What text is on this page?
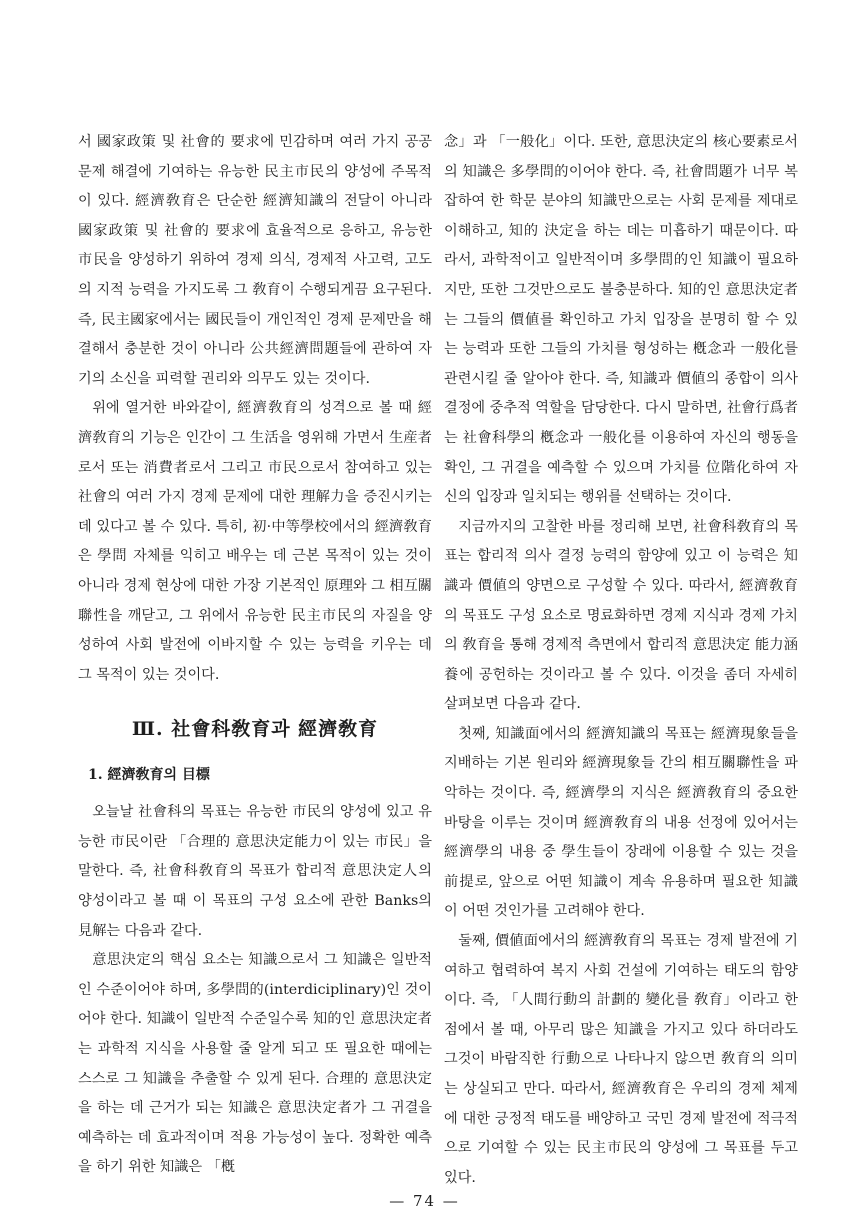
서 國家政策 및 社會的 要求에 민감하며 여러 가지 공공 문제 해결에 기여하는 유능한 民主市民의 양성에 주목적이 있다. 經濟敎育은 단순한 經濟知識의 전달이 아니라 國家政策 및 社會的 要求에 효율적으로 응하고, 유능한 市民을 양성하기 위하여 경제 의식, 경제적 사고력, 고도의 지적 능력을 가지도록 그 敎育이 수행되게끔 요구된다. 즉, 民主國家에서는 國民들이 개인적인 경제 문제만을 해결해서 충분한 것이 아니라 公共經濟問題들에 관하여 자기의 소신을 피력할 권리와 의무도 있는 것이다.

위에 열거한 바와같이, 經濟敎育의 성격으로 볼 때 經濟敎育의 기능은 인간이 그 生活을 영위해 가면서 生産者로서 또는 消費者로서 그리고 市民으로서 참여하고 있는 社會의 여러 가지 경제 문제에 대한 理解力을 증진시키는 데 있다고 볼 수 있다. 특히, 初·中等學校에서의 經濟敎育은 學問 자체를 익히고 배우는 데 근본 목적이 있는 것이 아니라 경제 현상에 대한 가장 기본적인 原理와 그 相互關聯性을 깨닫고, 그 위에서 유능한 民主市民의 자질을 양성하여 사회 발전에 이바지할 수 있는 능력을 키우는 데 그 목적이 있는 것이다.

Ⅲ. 社會科敎育과 經濟敎育
1. 經濟敎育의 目標

오늘날 社會科의 목표는 유능한 市民의 양성에 있고 유능한 市民이란 「合理的 意思決定能力이 있는 市民」을 말한다. 즉, 社會科敎育의 목표가 합리적 意思決定人의 양성이라고 볼 때 이 목표의 구성 요소에 관한 Banks의 見解는 다음과 같다.

意思決定의 핵심 요소는 知識으로서 그 知識은 일반적인 수준이어야 하며, 多學問的(interdiciplinary)인 것이어야 한다. 知識이 일반적 수준일수록 知的인 意思決定者는 과학적 지식을 사용할 줄 알게 되고 또 필요한 때에는 스스로 그 知識을 추출할 수 있게 된다. 合理的 意思決定을 하는 데 근거가 되는 知識은 意思決定者가 그 귀결을 예측하는 데 효과적이며 적용 가능성이 높다. 정확한 예측을 하기 위한 知識은 「槪

念」과 「一般化」이다. 또한, 意思決定의 核心要素로서의 知識은 多學問的이어야 한다. 즉, 社會問題가 너무 복잡하여 한 학문 분야의 知識만으로는 사회 문제를 제대로 이해하고, 知的 決定을 하는 데는 미흡하기 때문이다. 따라서, 과학적이고 일반적이며 多學問的인 知識이 필요하지만, 또한 그것만으로도 불충분하다. 知的인 意思決定者는 그들의 價値를 확인하고 가치 입장을 분명히 할 수 있는 능력과 또한 그들의 가치를 형성하는 槪念과 一般化를 관련시킬 줄 알아야 한다. 즉, 知識과 價値의 종합이 의사 결정에 중추적 역할을 담당한다. 다시 말하면, 社會行爲者는 社會科學의 槪念과 一般化를 이용하여 자신의 행동을 확인, 그 귀결을 예측할 수 있으며 가치를 位階化하여 자신의 입장과 일치되는 행위를 선택하는 것이다.

지금까지의 고찰한 바를 정리해 보면, 社會科敎育의 목표는 합리적 의사 결정 능력의 함양에 있고 이 능력은 知識과 價値의 양면으로 구성할 수 있다. 따라서, 經濟敎育의 목표도 구성 요소로 명료화하면 경제 지식과 경제 가치의 敎育을 통해 경제적 측면에서 합리적 意思決定 能力涵養에 공헌하는 것이라고 볼 수 있다. 이것을 좀더 자세히 살펴보면 다음과 같다.

첫째, 知識面에서의 經濟知識의 목표는 經濟現象들을 지배하는 기본 원리와 經濟現象들 간의 相互關聯性을 파악하는 것이다. 즉, 經濟學의 지식은 經濟敎育의 중요한 바탕을 이루는 것이며 經濟敎育의 내용 선정에 있어서는 經濟學의 내용 중 學生들이 장래에 이용할 수 있는 것을 前提로, 앞으로 어떤 知識이 계속 유용하며 필요한 知識이 어떤 것인가를 고려해야 한다.

둘째, 價値面에서의 經濟敎育의 목표는 경제 발전에 기여하고 협력하여 복지 사회 건설에 기여하는 태도의 함양이다. 즉, 「人間行動의 計劃的 變化를 敎育」이라고 한 점에서 볼 때, 아무리 많은 知識을 가지고 있다 하더라도 그것이 바람직한 行動으로 나타나지 않으면 敎育의 의미는 상실되고 만다. 따라서, 經濟敎育은 우리의 경제 체제에 대한 긍정적 태도를 배양하고 국민 경제 발전에 적극적으로 기여할 수 있는 民主市民의 양성에 그 목표를 두고 있다.

— 74 —
